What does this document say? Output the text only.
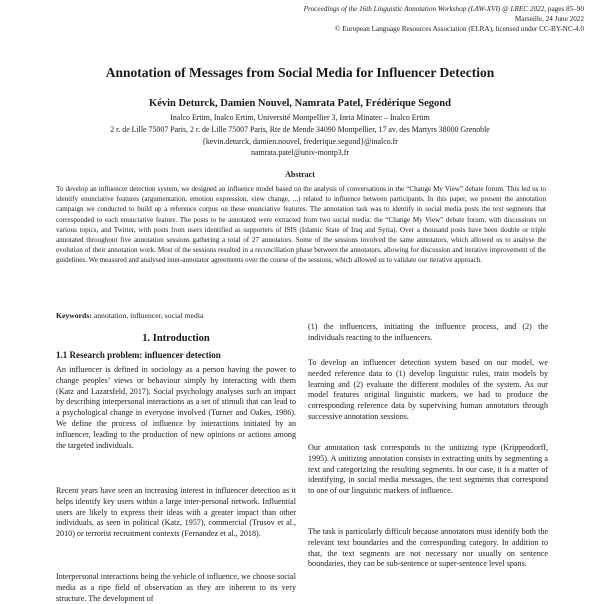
Proceedings of the 16th Linguistic Annotation Workshop (LAW-XVI) @ LREC 2022, pages 85–90
Marseille, 24 June 2022
© European Language Resources Association (ELRA), licensed under CC-BY-NC-4.0
Annotation of Messages from Social Media for Influencer Detection
Kévin Deturck, Damien Nouvel, Namrata Patel, Frédérique Segond
Inalco Ertim, Inalco Ertim, Université Montpellier 3, Inria Minatec – Inalco Ertim
2 r. de Lille 75007 Paris, 2 r. de Lille 75007 Paris, Rte de Mende 34090 Montpellier, 17 av. des Martyrs 38000 Grenoble
{kevin.deturck, damien.nouvel, frederique.segond}@inalco.fr
namrata.patel@univ-montp3.fr
Abstract

To develop an influencer detection system, we designed an influence model based on the analysis of conversations in the “Change My View” debate forum. This led us to identify enunciative features (argumentation, emotion expression, view change, ...) related to influence between participants. In this paper, we present the annotation campaign we conducted to build up a reference corpus on these enunciative features. The annotation task was to identify in social media posts the text segments that corresponded to each enunciative feature. The posts to be annotated were extracted from two social media: the “Change My View” debate forum, with discussions on various topics, and Twitter, with posts from users identified as supporters of ISIS (Islamic State of Iraq and Syria). Over a thousand posts have been double or triple annotated throughout five annotation sessions gathering a total of 27 annotators. Some of the sessions involved the same annotators, which allowed us to analyse the evolution of their annotation work. Most of the sessions resulted in a reconciliation phase between the annotators, allowing for discussion and iterative improvement of the guidelines. We measured and analysed inter-annotator agreements over the course of the sessions, which allowed us to validate our iterative approach.

Keywords: annotation, influencer, social media

1. Introduction
1.1 Research problem: influencer detection

An influencer is defined in sociology as a person having the power to change peoples’ views or behaviour simply by interacting with them (Katz and Lazarsfeld, 2017). Social psychology analyses such an impact by describing interpersonal interactions as a set of stimuli that can lead to a psychological change in everyone involved (Turner and Oakes, 1986). We define the process of influence by interactions initiated by an influencer, leading to the production of new opinions or actions among the targeted individuals.

Recent years have seen an increasing interest in influencer detection as it helps identify key users within a large inter-personal network. Influential users are likely to express their ideas with a greater impact than other individuals, as seen in political (Katz, 1957), commercial (Trusov et al., 2010) or terrorist recruitment contexts (Fernandez et al., 2018).

Interpersonal interactions being the vehicle of influence, we choose social media as a ripe field of observation as they are inherent to its very structure. The development of

(1) the influencers, initiating the influence process, and (2) the individuals reacting to the influencers.

To develop an influencer detection system based on our model, we needed reference data to (1) develop linguistic rules, train models by learning and (2) evaluate the different modules of the system. As our model features original linguistic markers, we had to produce the corresponding reference data by supervising human annotators through successive annotation sessions.

Our annotation task corresponds to the unitizing type (Krippendorff, 1995). A unitizing annotation consists in extracting units by segmenting a text and categorizing the resulting segments. In our case, it is a matter of identifying, in social media messages, the text segments that correspond to one of our linguistic markers of influence.

The task is particularly difficult because annotators must identify both the relevant text boundaries and the corresponding category. In addition to that, the text segments are not necessary nor usually on sentence boundaries, they can be sub-sentence or super-sentence level spans.
